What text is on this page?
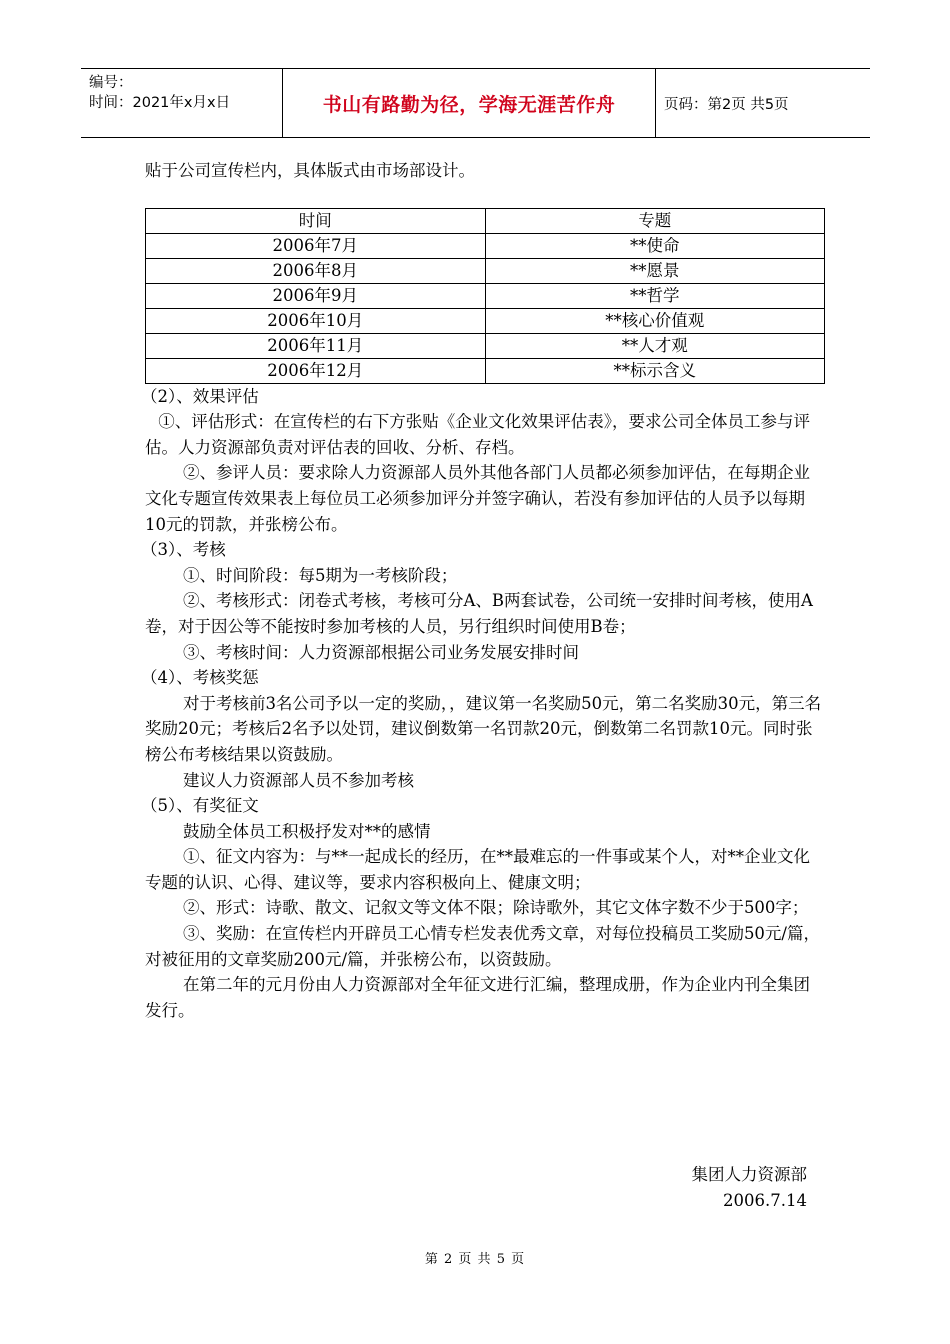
编号：
时间：2021年x月x日	书山有路勤为径，学海无涯苦作舟	页码：第2页 共5页

贴于公司宣传栏内，具体版式由市场部设计。

时间	专题
2006年7月	**使命
2006年8月	**愿景
2006年9月	**哲学
2006年10月	**核心价值观
2006年11月	**人才观
2006年12月	**标示含义

（2）、效果评估

①、评估形式：在宣传栏的右下方张贴《企业文化效果评估表》，要求公司全体员工参与评估。人力资源部负责对评估表的回收、分析、存档。

②、参评人员：要求除人力资源部人员外其他各部门人员都必须参加评估，在每期企业文化专题宣传效果表上每位员工必须参加评分并签字确认，若没有参加评估的人员予以每期10元的罚款，并张榜公布。

（3）、考核

①、时间阶段：每5期为一考核阶段；

②、考核形式：闭卷式考核，考核可分A、B两套试卷，公司统一安排时间考核，使用A卷，对于因公等不能按时参加考核的人员，另行组织时间使用B卷；

③、考核时间：人力资源部根据公司业务发展安排时间

（4）、考核奖惩

对于考核前3名公司予以一定的奖励，，建议第一名奖励50元，第二名奖励30元，第三名奖励20元；考核后2名予以处罚，建议倒数第一名罚款20元，倒数第二名罚款10元。同时张榜公布考核结果以资鼓励。

建议人力资源部人员不参加考核

（5）、有奖征文

鼓励全体员工积极抒发对**的感情

①、征文内容为：与**一起成长的经历，在**最难忘的一件事或某个人，对**企业文化专题的认识、心得、建议等，要求内容积极向上、健康文明；

②、形式：诗歌、散文、记叙文等文体不限；除诗歌外，其它文体字数不少于500字；

③、奖励：在宣传栏内开辟员工心情专栏发表优秀文章，对每位投稿员工奖励50元/篇，对被征用的文章奖励200元/篇，并张榜公布，以资鼓励。

在第二年的元月份由人力资源部对全年征文进行汇编，整理成册，作为企业内刊全集团发行。

集团人力资源部
2006.7.14
第 2 页 共 5 页
